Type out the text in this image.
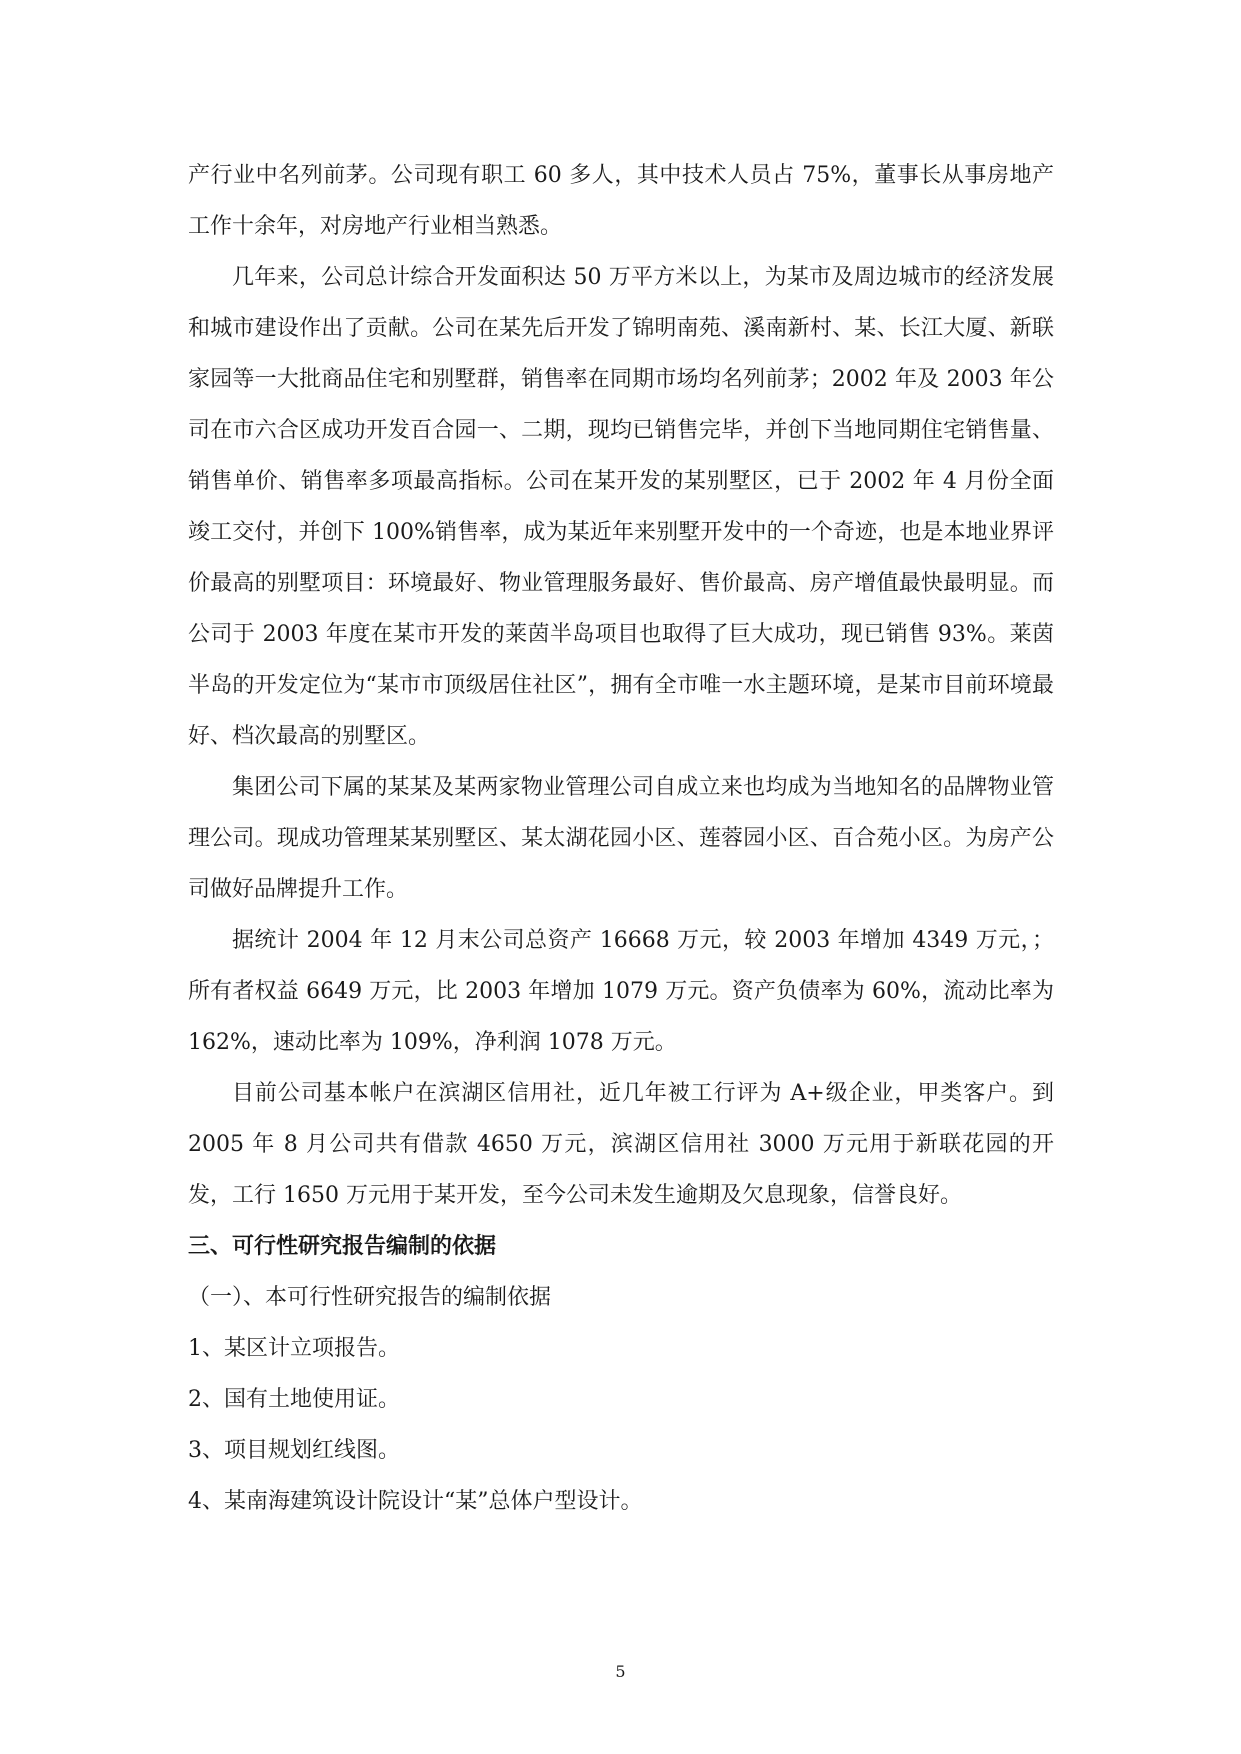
产行业中名列前茅。公司现有职工 60 多人，其中技术人员占 75%，董事长从事房地产工作十余年，对房地产行业相当熟悉。

几年来，公司总计综合开发面积达 50 万平方米以上，为某市及周边城市的经济发展和城市建设作出了贡献。公司在某先后开发了锦明南苑、溪南新村、某、长江大厦、新联家园等一大批商品住宅和别墅群，销售率在同期市场均名列前茅；2002 年及 2003 年公司在市六合区成功开发百合园一、二期，现均已销售完毕，并创下当地同期住宅销售量、销售单价、销售率多项最高指标。公司在某开发的某别墅区，已于 2002 年 4 月份全面竣工交付，并创下 100%销售率，成为某近年来别墅开发中的一个奇迹，也是本地业界评价最高的别墅项目：环境最好、物业管理服务最好、售价最高、房产增值最快最明显。而公司于 2003 年度在某市开发的莱茵半岛项目也取得了巨大成功，现已销售 93%。莱茵半岛的开发定位为“某市市顶级居住社区”，拥有全市唯一水主题环境，是某市目前环境最好、档次最高的别墅区。

集团公司下属的某某及某两家物业管理公司自成立来也均成为当地知名的品牌物业管理公司。现成功管理某某别墅区、某太湖花园小区、莲蓉园小区、百合苑小区。为房产公司做好品牌提升工作。

据统计 2004 年 12 月末公司总资产 16668 万元，较 2003 年增加 4349 万元，；所有者权益 6649 万元，比 2003 年增加 1079 万元。资产负债率为 60%，流动比率为 162%，速动比率为 109%，净利润 1078 万元。

目前公司基本帐户在滨湖区信用社，近几年被工行评为 A+级企业，甲类客户。到 2005 年 8 月公司共有借款 4650 万元，滨湖区信用社 3000 万元用于新联花园的开发，工行 1650 万元用于某开发，至今公司未发生逾期及欠息现象，信誉良好。

三、可行性研究报告编制的依据

（一）、本可行性研究报告的编制依据

1、某区计立项报告。

2、国有土地使用证。

3、项目规划红线图。

4、某南海建筑设计院设计“某”总体户型设计。

5
